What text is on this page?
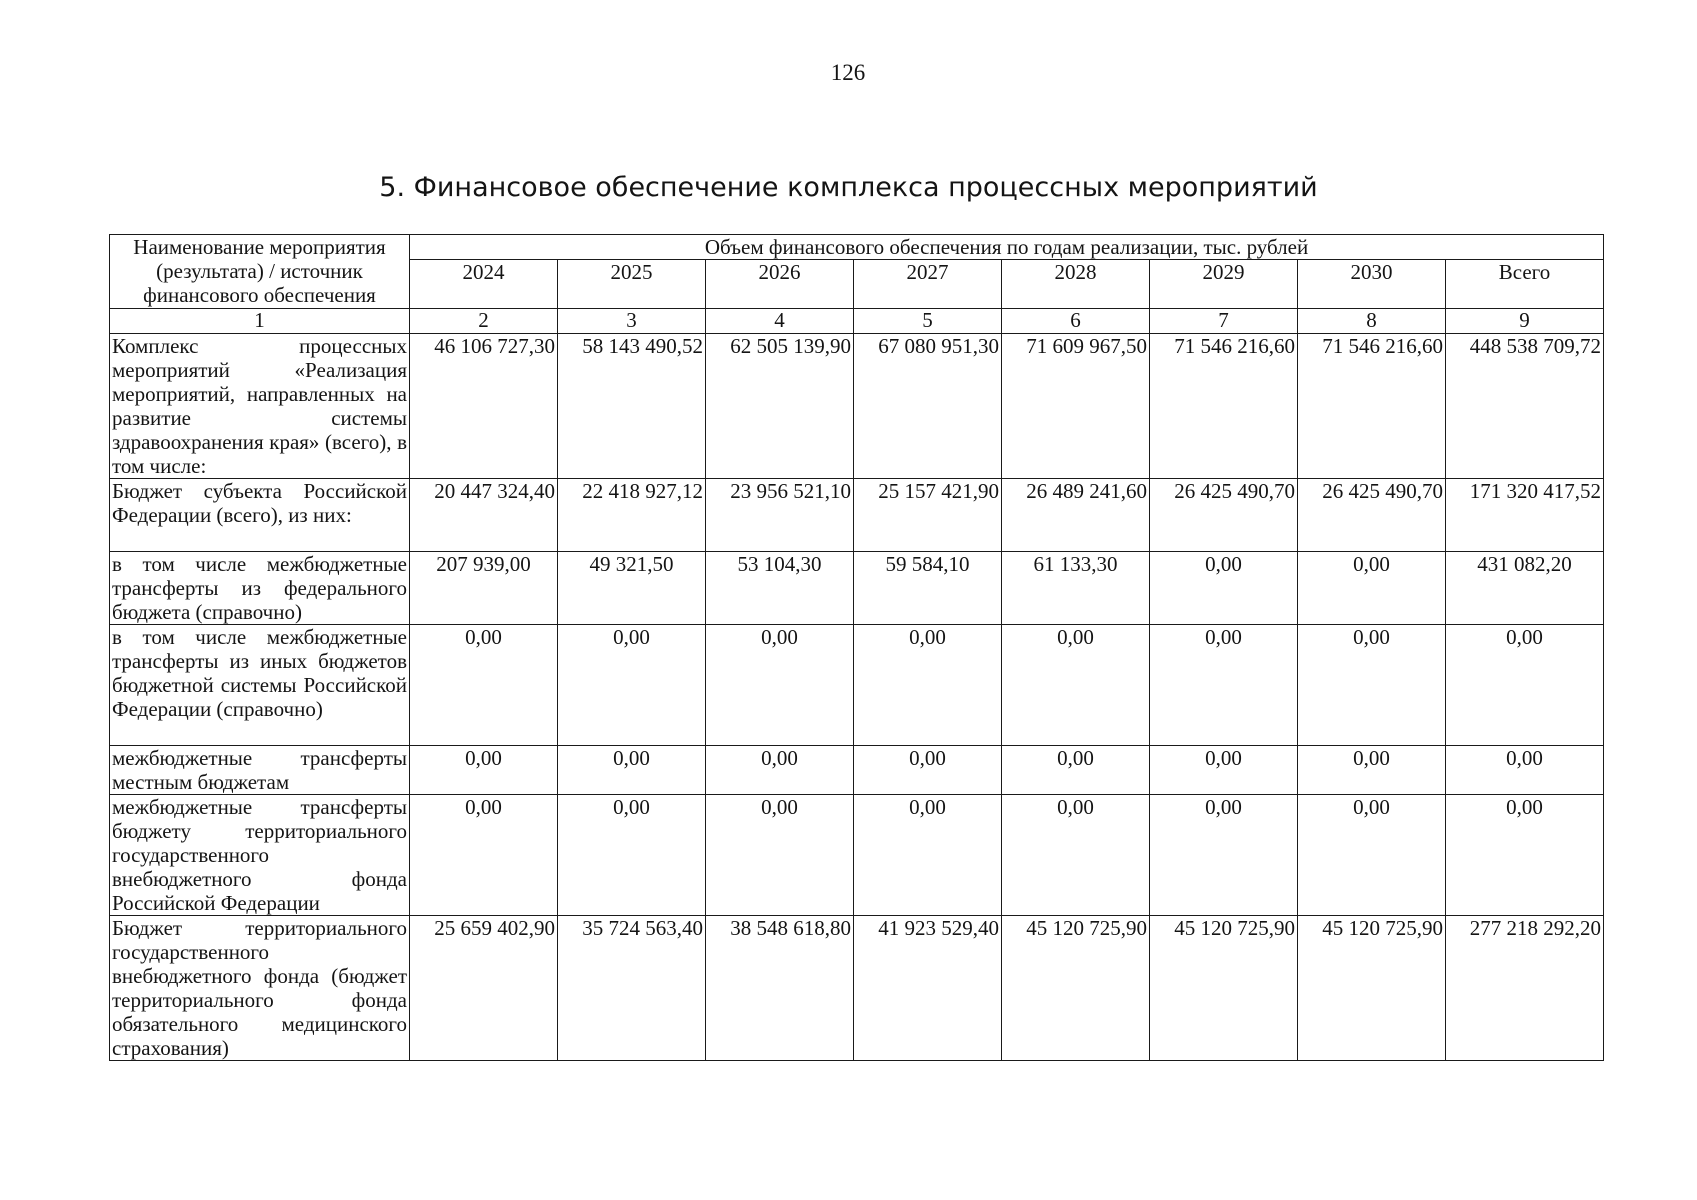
126
5. Финансовое обеспечение комплекса процессных мероприятий
Наименование мероприятия (результата) / источник финансового обеспечения	Объем финансового обеспечения по годам реализации, тыс. рублей							
	2024	2025	2026	2027	2028	2029	2030	Всего
1	2	3	4	5	6	7	8	9
Комплекс процессных мероприятий «Реализация мероприятий, направленных на развитие системы здравоохранения края» (всего), в том числе:	46 106 727,30	58 143 490,52	62 505 139,90	67 080 951,30	71 609 967,50	71 546 216,60	71 546 216,60	448 538 709,72
Бюджет субъекта Российской Федерации (всего), из них:	20 447 324,40	22 418 927,12	23 956 521,10	25 157 421,90	26 489 241,60	26 425 490,70	26 425 490,70	171 320 417,52
в том числе межбюджетные трансферты из федерального бюджета (справочно)	207 939,00	49 321,50	53 104,30	59 584,10	61 133,30	0,00	0,00	431 082,20
в том числе межбюджетные трансферты из иных бюджетов бюджетной системы Российской Федерации (справочно)	0,00	0,00	0,00	0,00	0,00	0,00	0,00	0,00
межбюджетные трансферты местным бюджетам	0,00	0,00	0,00	0,00	0,00	0,00	0,00	0,00
межбюджетные трансферты бюджету территориального государственного внебюджетного фонда Российской Федерации	0,00	0,00	0,00	0,00	0,00	0,00	0,00	0,00
Бюджет территориального государственного внебюджетного фонда (бюджет территориального фонда обязательного медицинского страхования)	25 659 402,90	35 724 563,40	38 548 618,80	41 923 529,40	45 120 725,90	45 120 725,90	45 120 725,90	277 218 292,20
